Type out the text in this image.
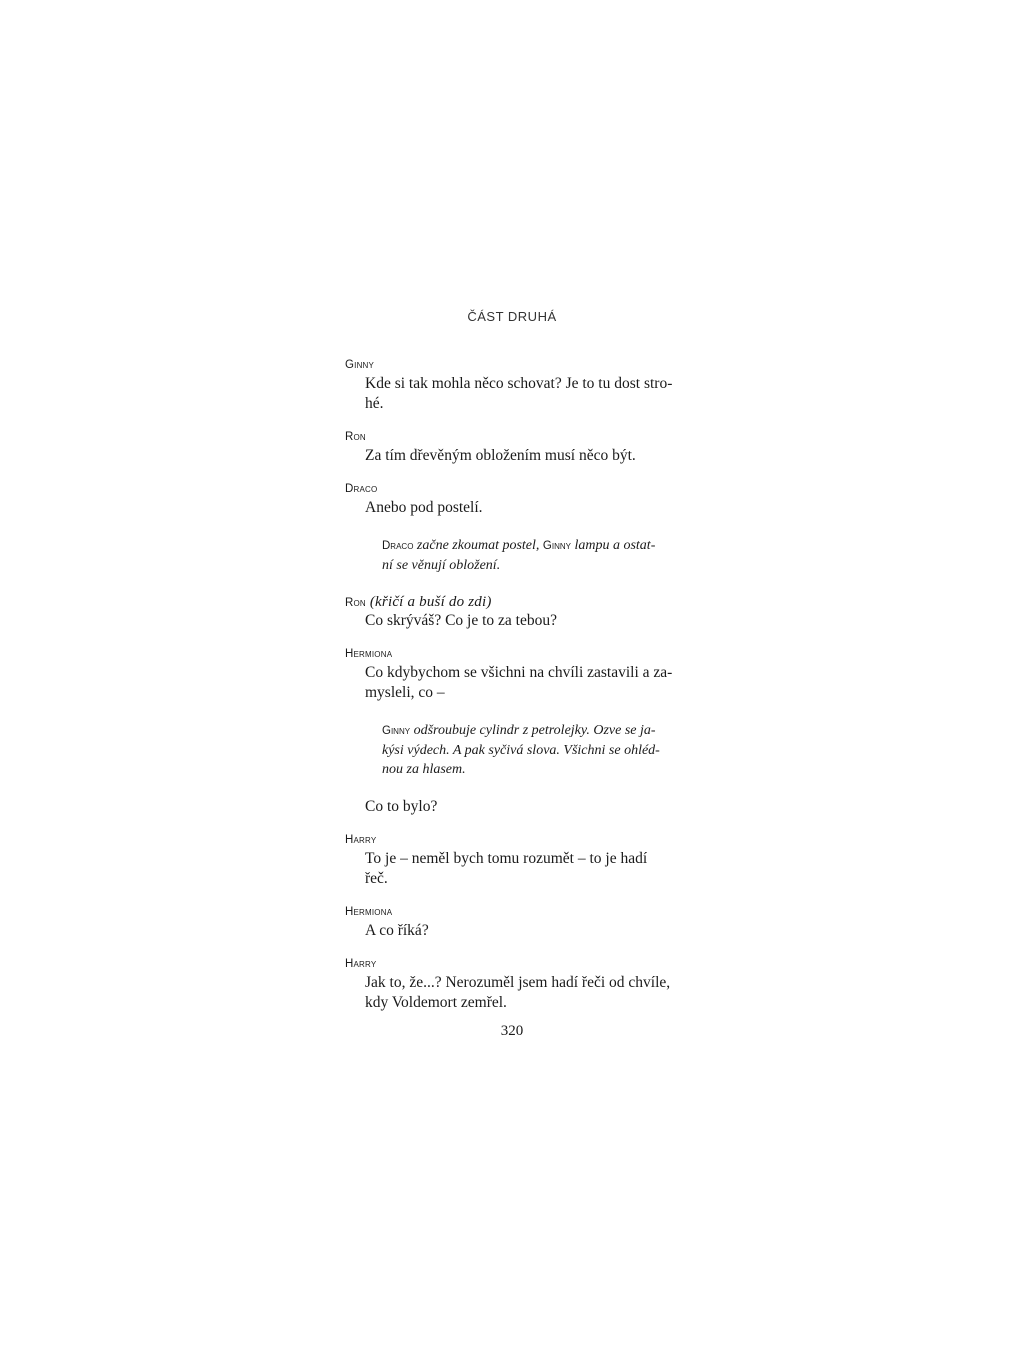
ČÁST DRUHÁ
Ginny
Kde si tak mohla něco schovat? Je to tu dost stro-
hé.
Ron
Za tím dřevěným obložením musí něco být.
Draco
Anebo pod postelí.
Draco začne zkoumat postel, Ginny lampu a ostat-
ní se věnují obložení.
Ron (křičí a buší do zdi)
Co skrýváš? Co je to za tebou?
Hermiona
Co kdybychom se všichni na chvíli zastavili a za-
mysleli, co –
Ginny odšroubuje cylindr z petrolejky. Ozve se ja-
kýsi výdech. A pak syčivá slova. Všichni se ohléd-
nou za hlasem.
Co to bylo?
Harry
To je – neměl bych tomu rozumět – to je hadí
řeč.
Hermiona
A co říká?
Harry
Jak to, že...? Nerozuměl jsem hadí řeči od chvíle,
kdy Voldemort zemřel.
320
